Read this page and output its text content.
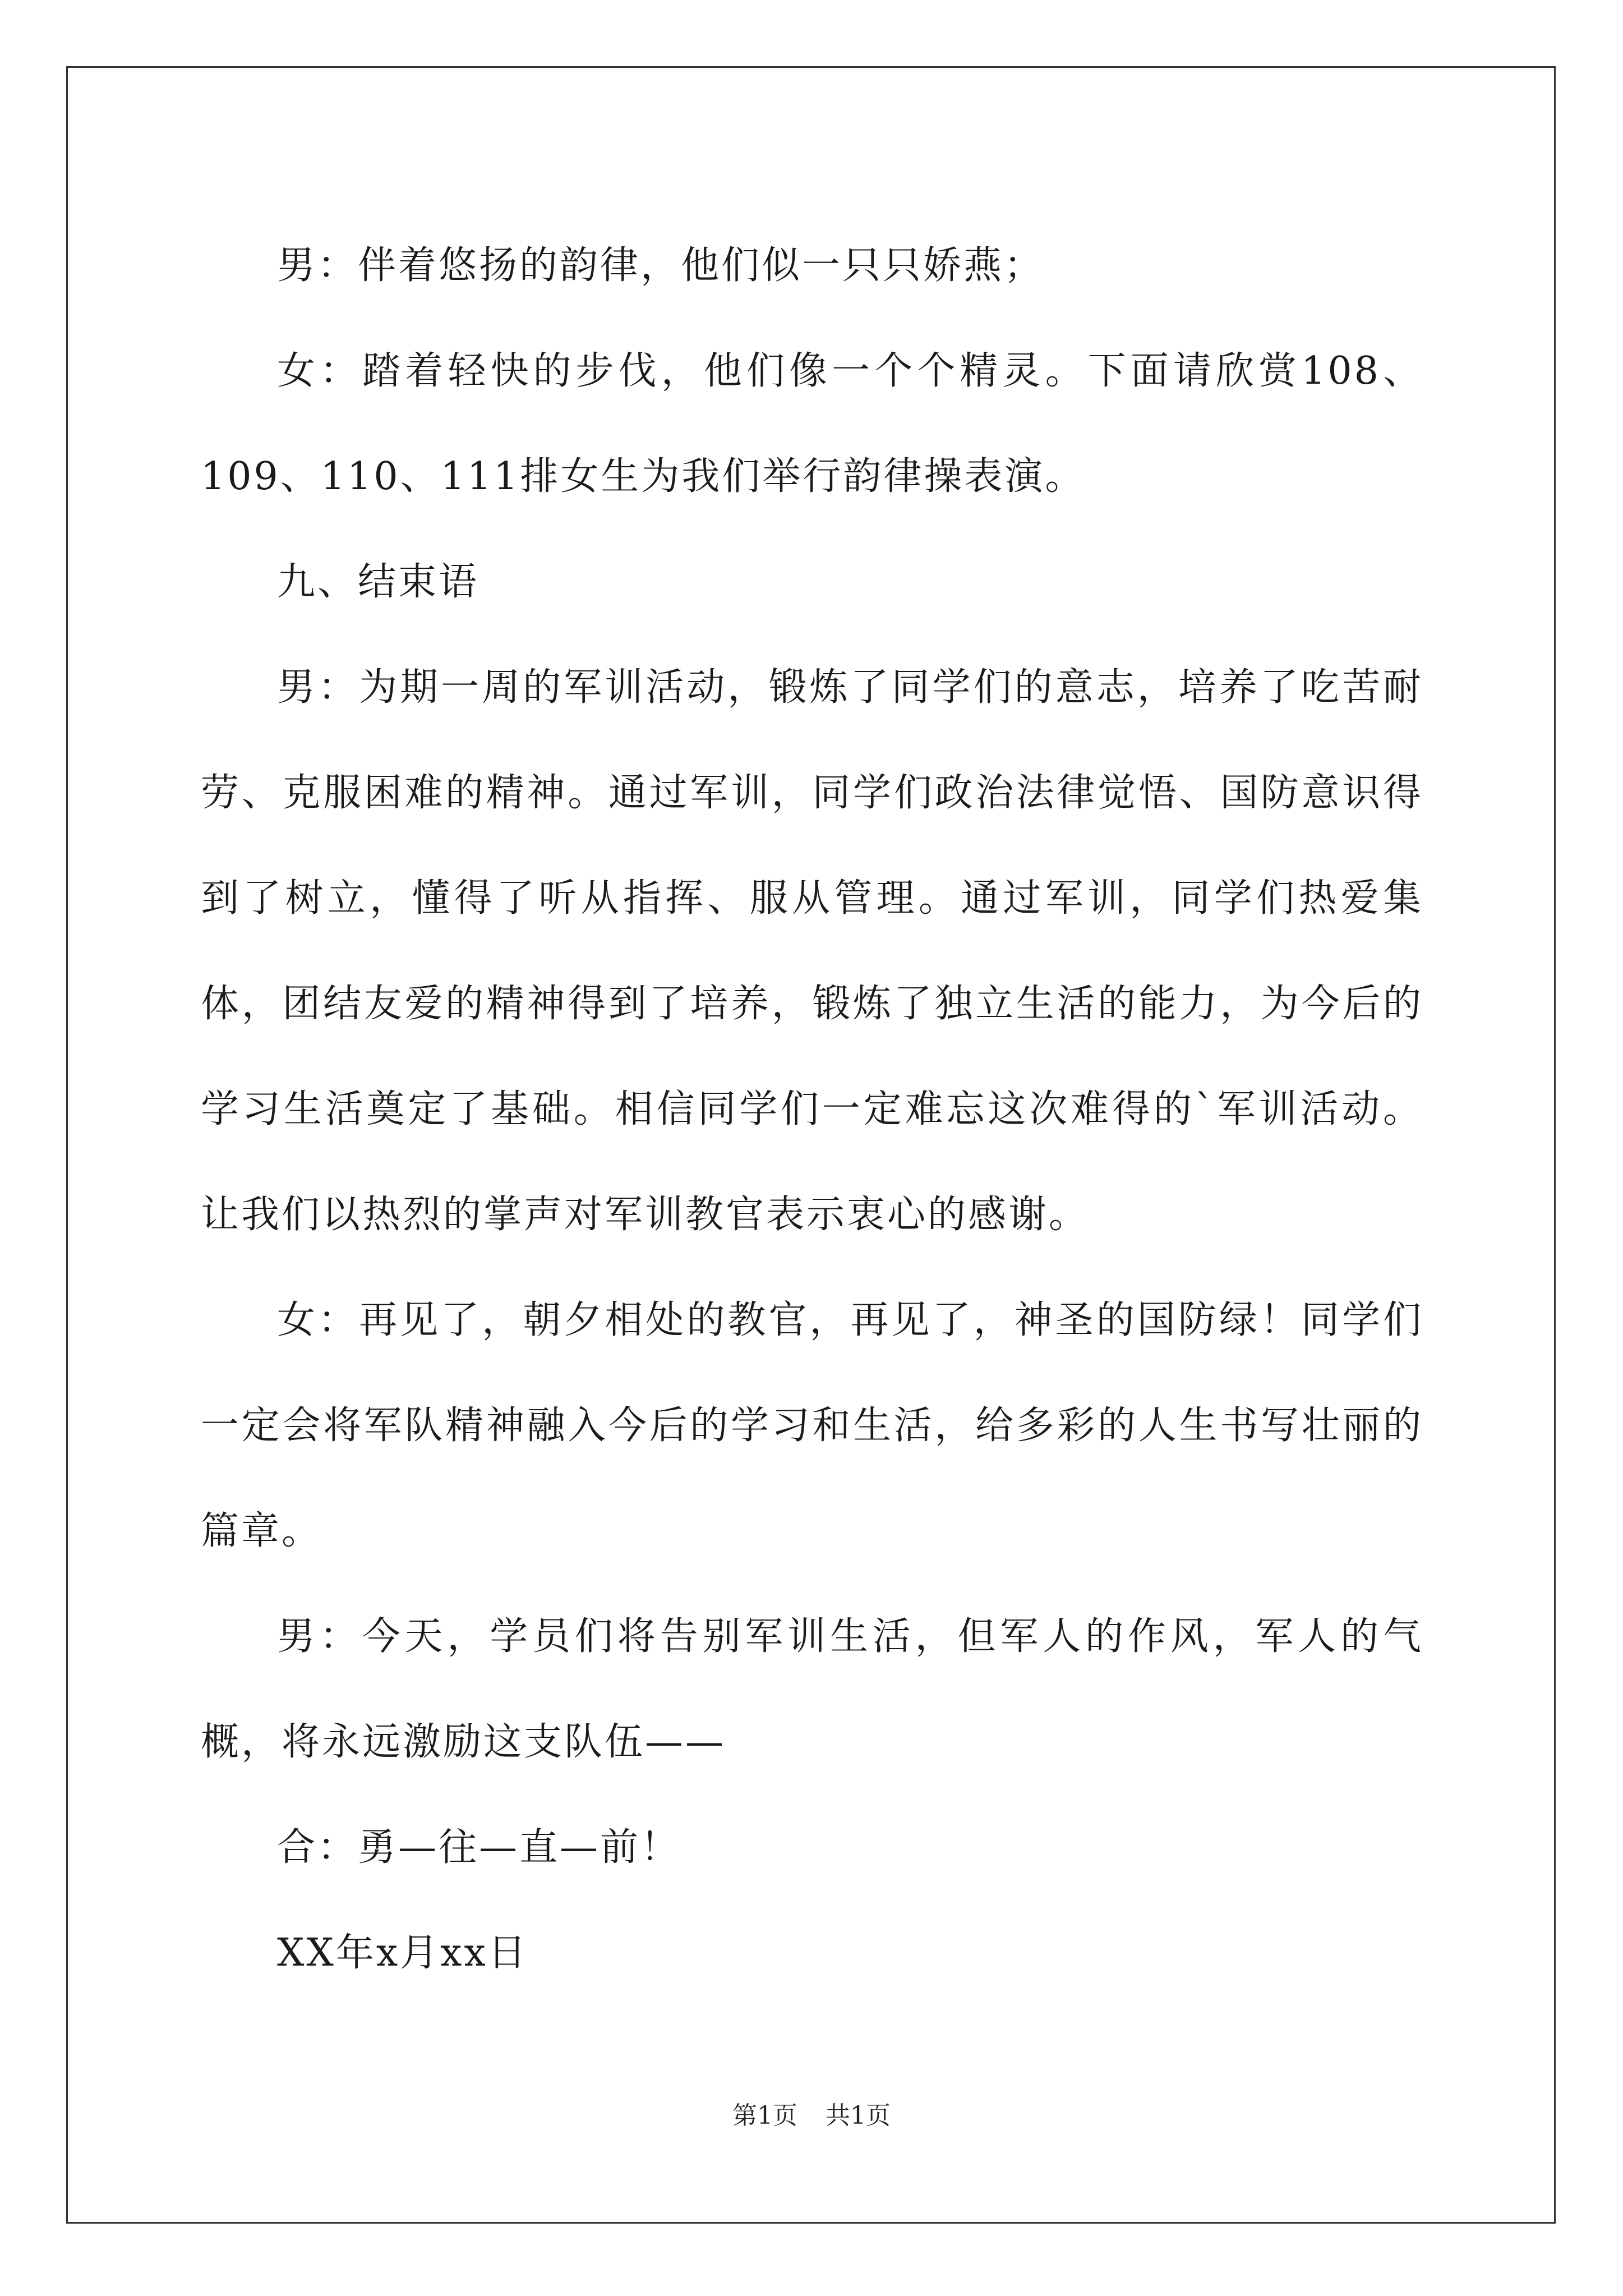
男：伴着悠扬的韵律，他们似一只只娇燕；

女：踏着轻快的步伐，他们像一个个精灵。下面请欣赏108、109、110、111排女生为我们举行韵律操表演。

九、结束语

男：为期一周的军训活动，锻炼了同学们的意志，培养了吃苦耐劳、克服困难的精神。通过军训，同学们政治法律觉悟、国防意识得到了树立，懂得了听从指挥、服从管理。通过军训，同学们热爱集体，团结友爱的精神得到了培养，锻炼了独立生活的能力，为今后的学习生活奠定了基础。相信同学们一定难忘这次难得的`军训活动。让我们以热烈的掌声对军训教官表示衷心的感谢。

女：再见了，朝夕相处的教官，再见了，神圣的国防绿！同学们一定会将军队精神融入今后的学习和生活，给多彩的人生书写壮丽的篇章。

男：今天，学员们将告别军训生活，但军人的作风，军人的气概，将永远激励这支队伍——

合：勇—往—直—前！

XX年x月xx日

第1页 共1页
